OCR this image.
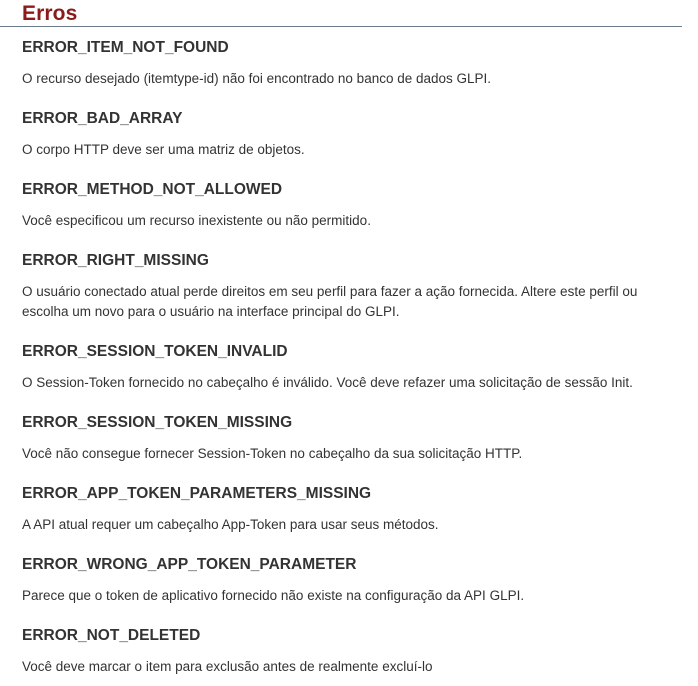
Erros
ERROR_ITEM_NOT_FOUND

O recurso desejado (itemtype-id) não foi encontrado no banco de dados GLPI.

ERROR_BAD_ARRAY

O corpo HTTP deve ser uma matriz de objetos.

ERROR_METHOD_NOT_ALLOWED

Você especificou um recurso inexistente ou não permitido.

ERROR_RIGHT_MISSING

O usuário conectado atual perde direitos em seu perfil para fazer a ação fornecida. Altere este perfil ou escolha um novo para o usuário na interface principal do GLPI.

ERROR_SESSION_TOKEN_INVALID

O Session-Token fornecido no cabeçalho é inválido. Você deve refazer uma solicitação de sessão Init.

ERROR_SESSION_TOKEN_MISSING

Você não consegue fornecer Session-Token no cabeçalho da sua solicitação HTTP.

ERROR_APP_TOKEN_PARAMETERS_MISSING

A API atual requer um cabeçalho App-Token para usar seus métodos.

ERROR_WRONG_APP_TOKEN_PARAMETER

Parece que o token de aplicativo fornecido não existe na configuração da API GLPI.

ERROR_NOT_DELETED

Você deve marcar o item para exclusão antes de realmente excluí-lo
